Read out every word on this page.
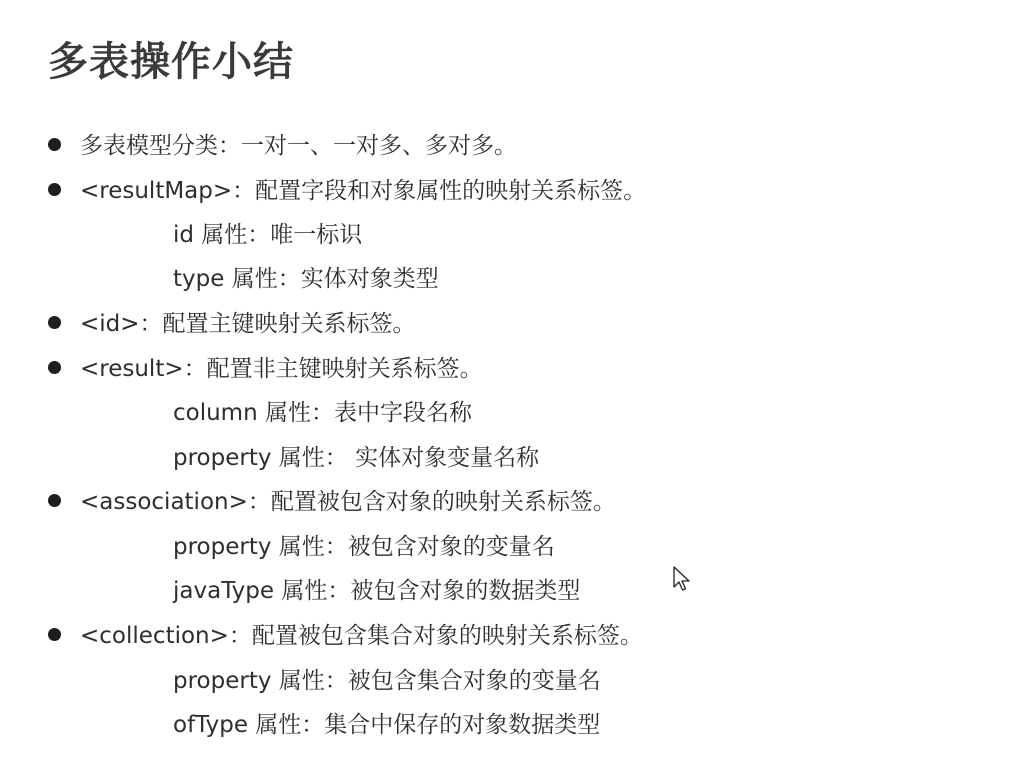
多表操作小结
多表模型分类：一对一、一对多、多对多。
<resultMap>：配置字段和对象属性的映射关系标签。
id 属性：唯一标识
type 属性：实体对象类型
<id>：配置主键映射关系标签。
<result>：配置非主键映射关系标签。
column 属性：表中字段名称
property 属性： 实体对象变量名称
<association>：配置被包含对象的映射关系标签。
property 属性：被包含对象的变量名
javaType 属性：被包含对象的数据类型
<collection>：配置被包含集合对象的映射关系标签。
property 属性：被包含集合对象的变量名
ofType 属性：集合中保存的对象数据类型
